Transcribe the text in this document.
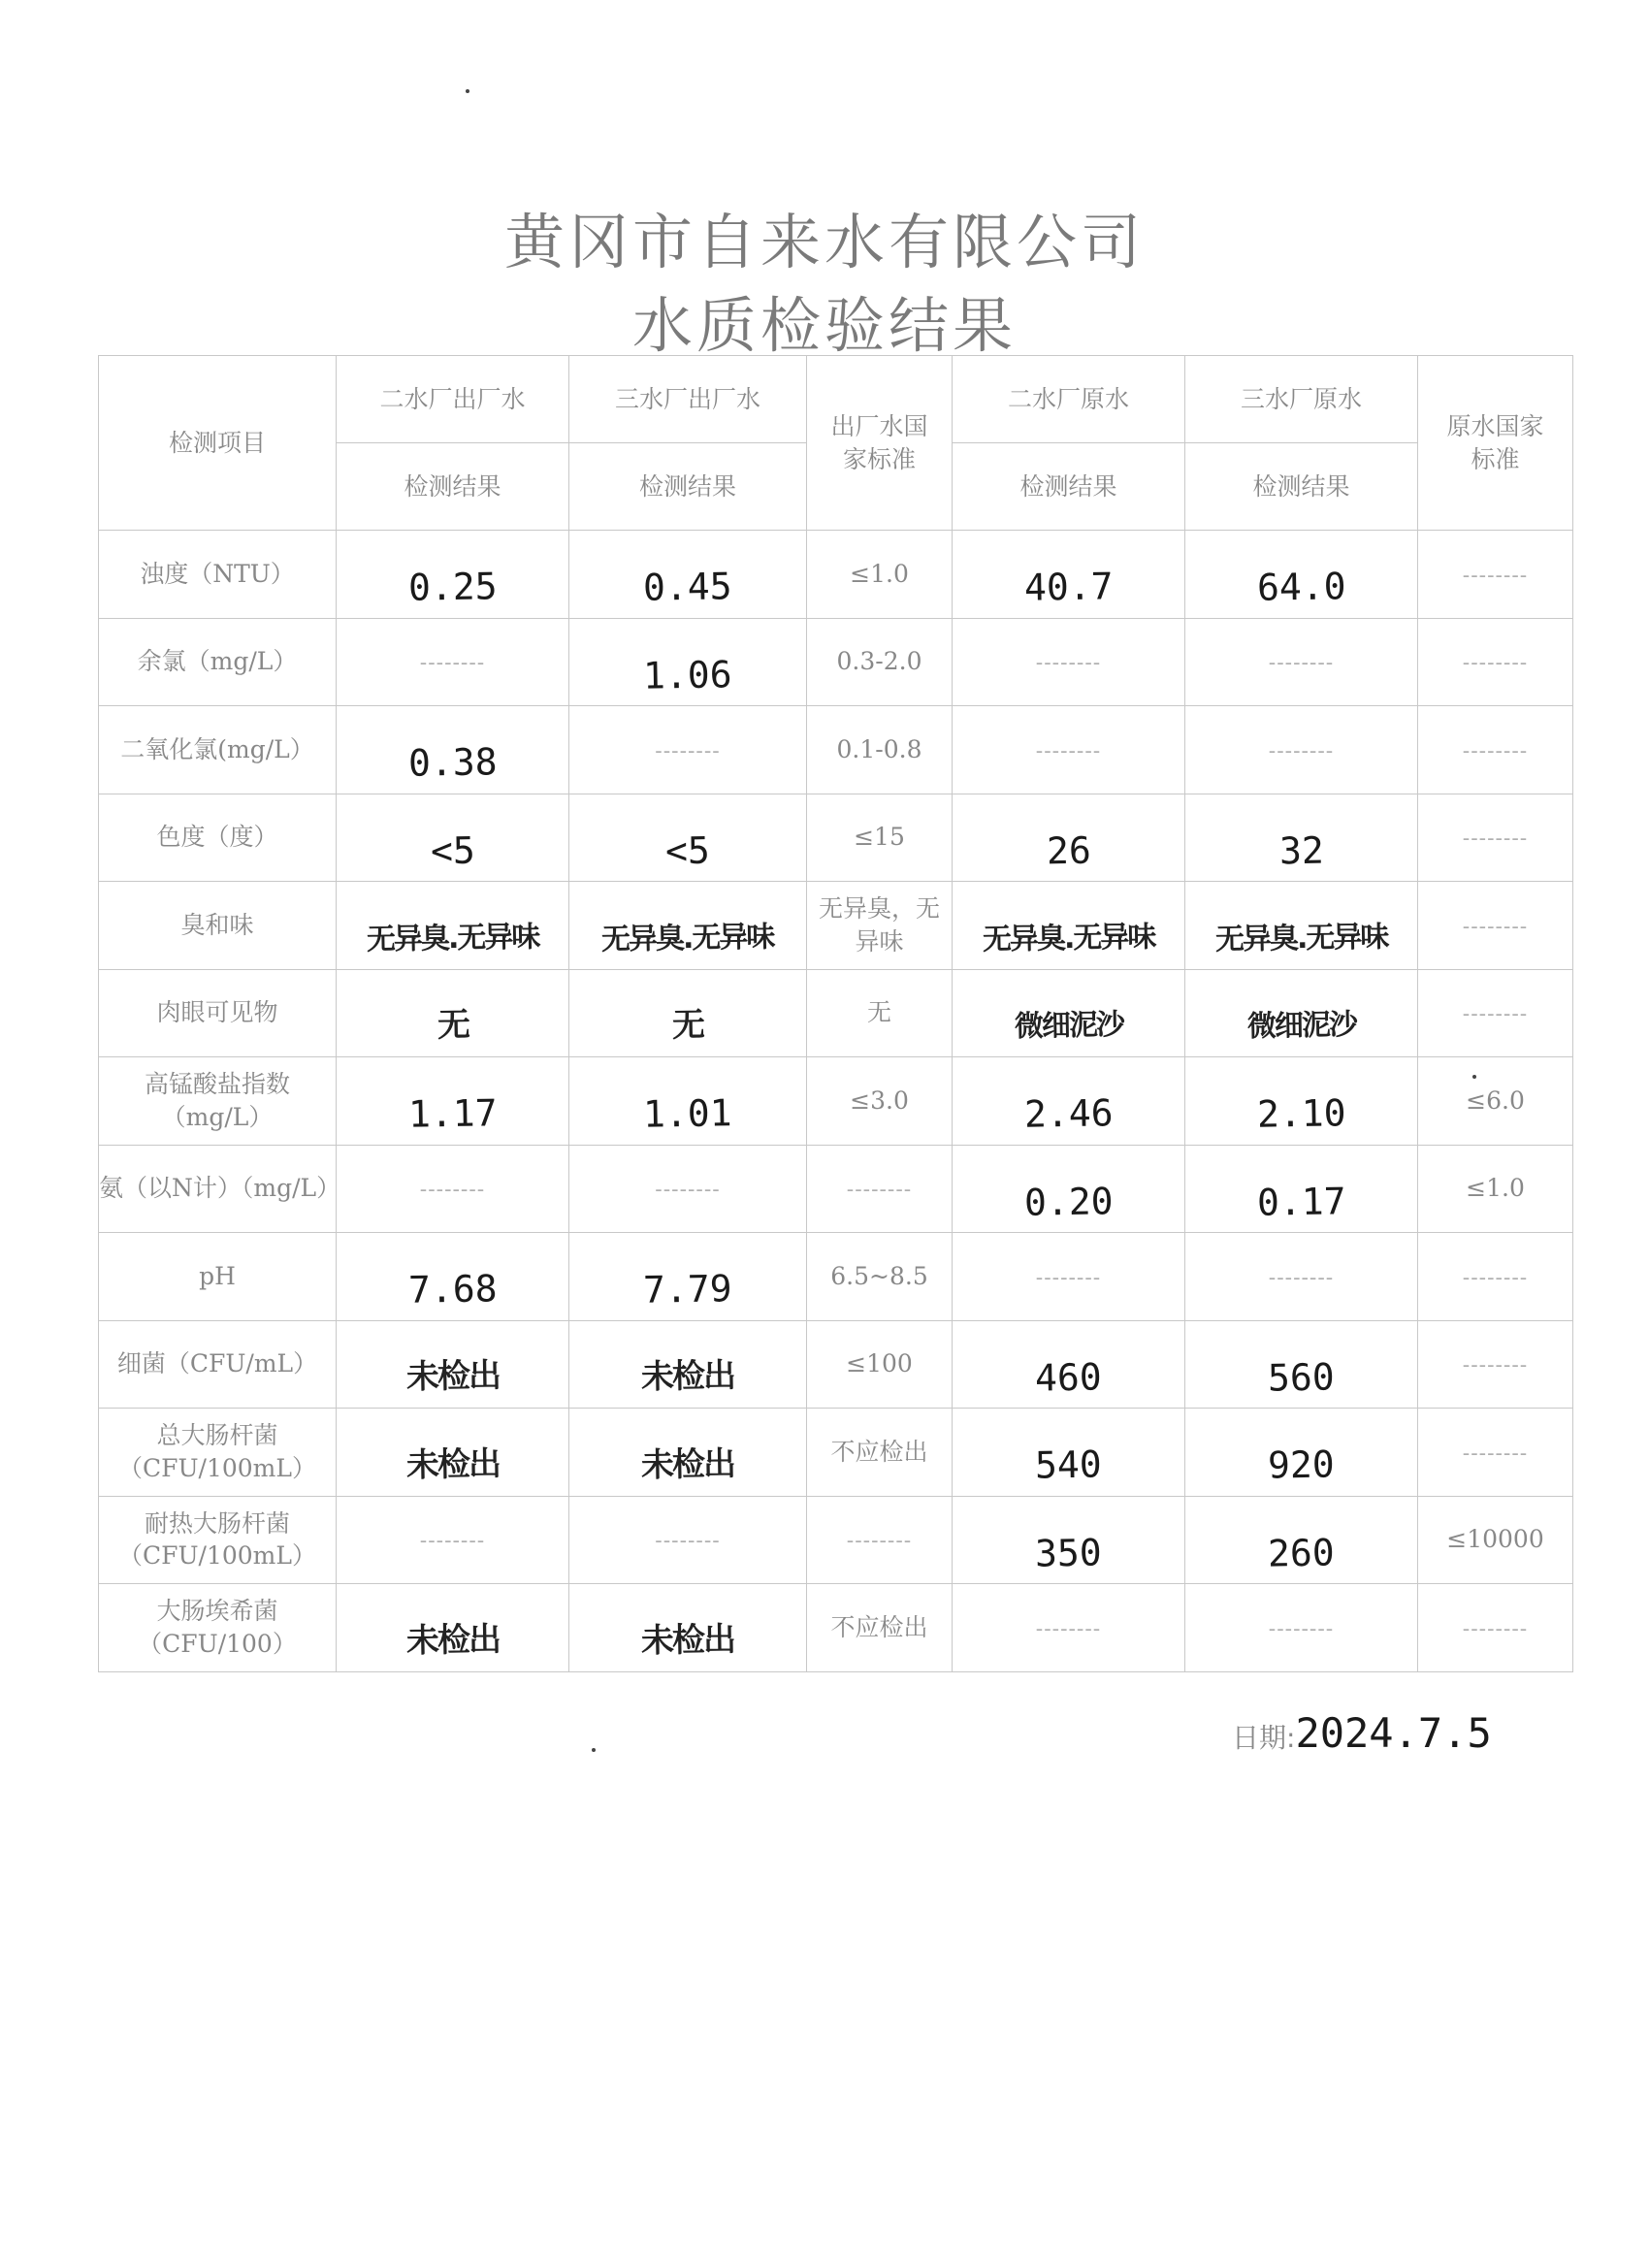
黄冈市自来水有限公司
水质检验结果
检测项目	二水厂出厂水	三水厂出厂水	出厂水国家标准	二水厂原水	三水厂原水	原水国家标准
	检测结果	检测结果		检测结果	检测结果	
浊度（NTU）	0.25	0.45	≤1.0	40.7	64.0	--------
余氯（mg/L）	--------	1.06	0.3-2.0	--------	--------	--------
二氧化氯(mg/L）	0.38	--------	0.1-0.8	--------	--------	--------
色度（度）	<5	<5	≤15	26	32	--------
臭和味	无异臭.无异味	无异臭.无异味	无异臭，无异味	无异臭.无异味	无异臭.无异味	--------
肉眼可见物	无	无	无	微细泥沙	微细泥沙	--------
高锰酸盐指数（mg/L）	1.17	1.01	≤3.0	2.46	2.10	≤6.0
氨（以N计）（mg/L）	--------	--------	--------	0.20	0.17	≤1.0
pH	7.68	7.79	6.5~8.5	--------	--------	--------
细菌（CFU/mL）	未检出	未检出	≤100	460	560	--------
总大肠杆菌（CFU/100mL）	未检出	未检出	不应检出	540	920	--------
耐热大肠杆菌（CFU/100mL）	--------	--------	--------	350	260	≤10000
大肠埃希菌（CFU/100）	未检出	未检出	不应检出	--------	--------	--------
日期:2024.7.5
